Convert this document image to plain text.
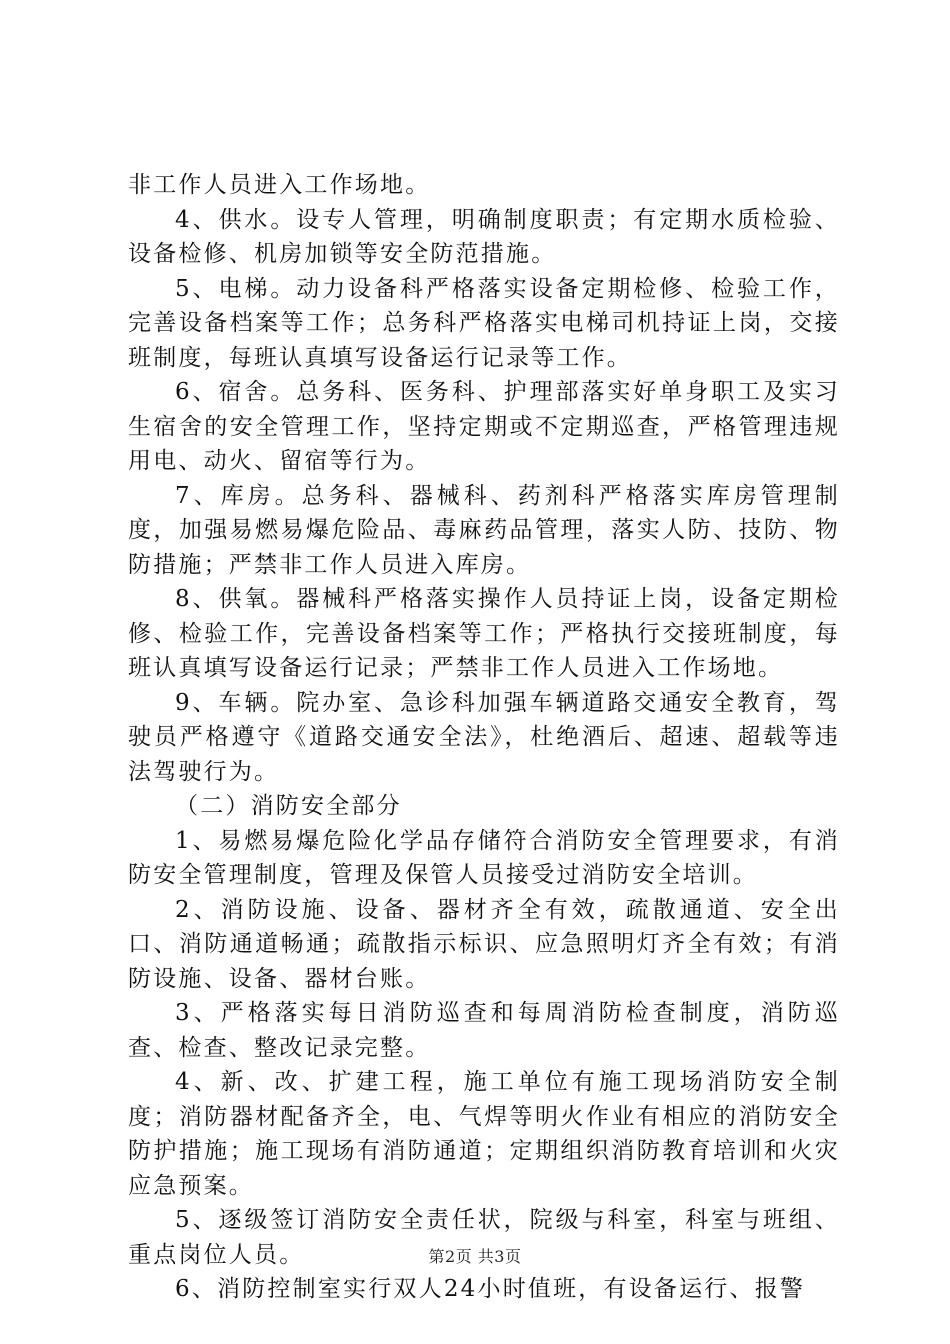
非工作人员进入工作场地。

4、供水。设专人管理，明确制度职责；有定期水质检验、设备检修、机房加锁等安全防范措施。

5、电梯。动力设备科严格落实设备定期检修、检验工作，完善设备档案等工作；总务科严格落实电梯司机持证上岗，交接班制度，每班认真填写设备运行记录等工作。

6、宿舍。总务科、医务科、护理部落实好单身职工及实习生宿舍的安全管理工作，坚持定期或不定期巡查，严格管理违规用电、动火、留宿等行为。

7、库房。总务科、器械科、药剂科严格落实库房管理制度，加强易燃易爆危险品、毒麻药品管理，落实人防、技防、物防措施；严禁非工作人员进入库房。

8、供氧。器械科严格落实操作人员持证上岗，设备定期检修、检验工作，完善设备档案等工作；严格执行交接班制度，每班认真填写设备运行记录；严禁非工作人员进入工作场地。

9、车辆。院办室、急诊科加强车辆道路交通安全教育，驾驶员严格遵守《道路交通安全法》，杜绝酒后、超速、超载等违法驾驶行为。

（二）消防安全部分

1、易燃易爆危险化学品存储符合消防安全管理要求，有消防安全管理制度，管理及保管人员接受过消防安全培训。

2、消防设施、设备、器材齐全有效，疏散通道、安全出口、消防通道畅通；疏散指示标识、应急照明灯齐全有效；有消防设施、设备、器材台账。

3、严格落实每日消防巡查和每周消防检查制度，消防巡查、检查、整改记录完整。

4、新、改、扩建工程，施工单位有施工现场消防安全制度；消防器材配备齐全，电、气焊等明火作业有相应的消防安全防护措施；施工现场有消防通道；定期组织消防教育培训和火灾应急预案。

5、逐级签订消防安全责任状，院级与科室，科室与班组、重点岗位人员。

6、消防控制室实行双人24小时值班，有设备运行、报警

第2页 共3页
